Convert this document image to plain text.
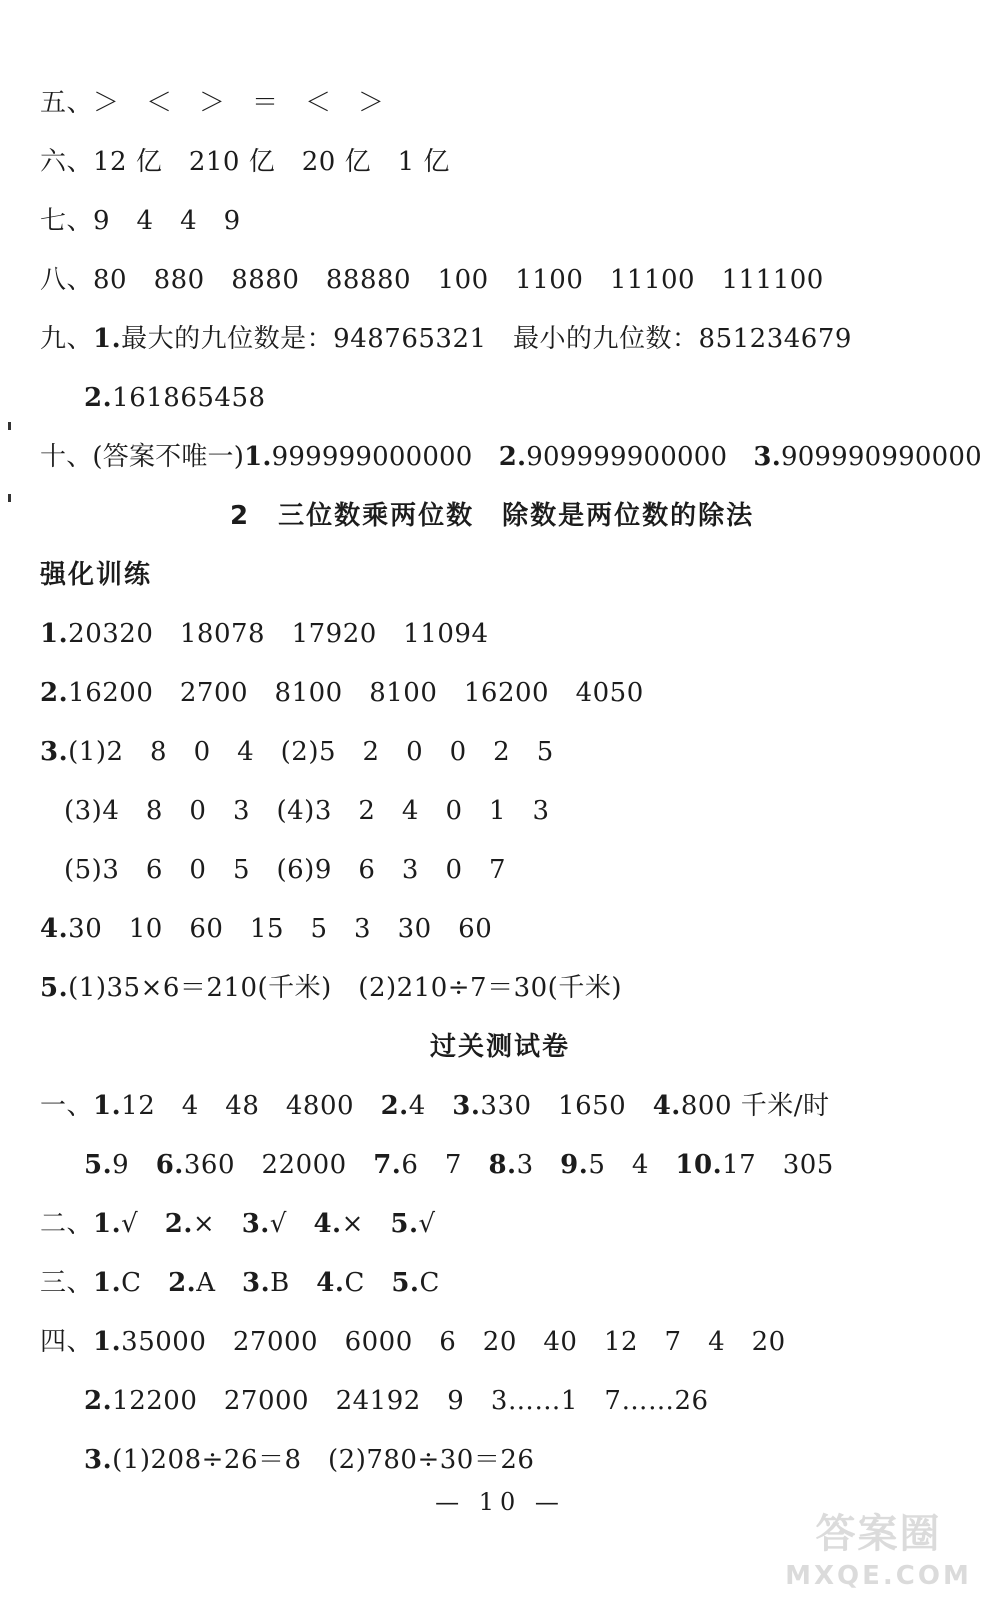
五、＞　＜　＞　＝　＜　＞
六、12 亿　210 亿　20 亿　1 亿
七、9　4　4　9
八、80　880　8880　88880　100　1100　11100　111100
九、1.最大的九位数是：948765321　最小的九位数：851234679
2.161865458
十、(答案不唯一)1.999999000000　2.909999900000　3.909990990000
2　三位数乘两位数　除数是两位数的除法
强化训练
1.20320　18078　17920　11094
2.16200　2700　8100　8100　16200　4050
3.(1)2　8　0　4　(2)5　2　0　0　2　5
(3)4　8　0　3　(4)3　2　4　0　1　3
(5)3　6　0　5　(6)9　6　3　0　7
4.30　10　60　15　5　3　30　60
5.(1)35×6＝210(千米)　(2)210÷7＝30(千米)
过关测试卷
一、1.12　4　48　4800　2.4　3.330　1650　4.800 千米/时
5.9　6.360　22000　7.6　7　8.3　9.5　4　10.17　305
二、1.√　2.×　3.√　4.×　5.√
三、1.C　2.A　3.B　4.C　5.C
四、1.35000　27000　6000　6　20　40　12　7　4　20
2.12200　27000　24192　9　3……1　7……26
3.(1)208÷26＝8　(2)780÷30＝26
— 10 —
答案圈
MXQE.COM
